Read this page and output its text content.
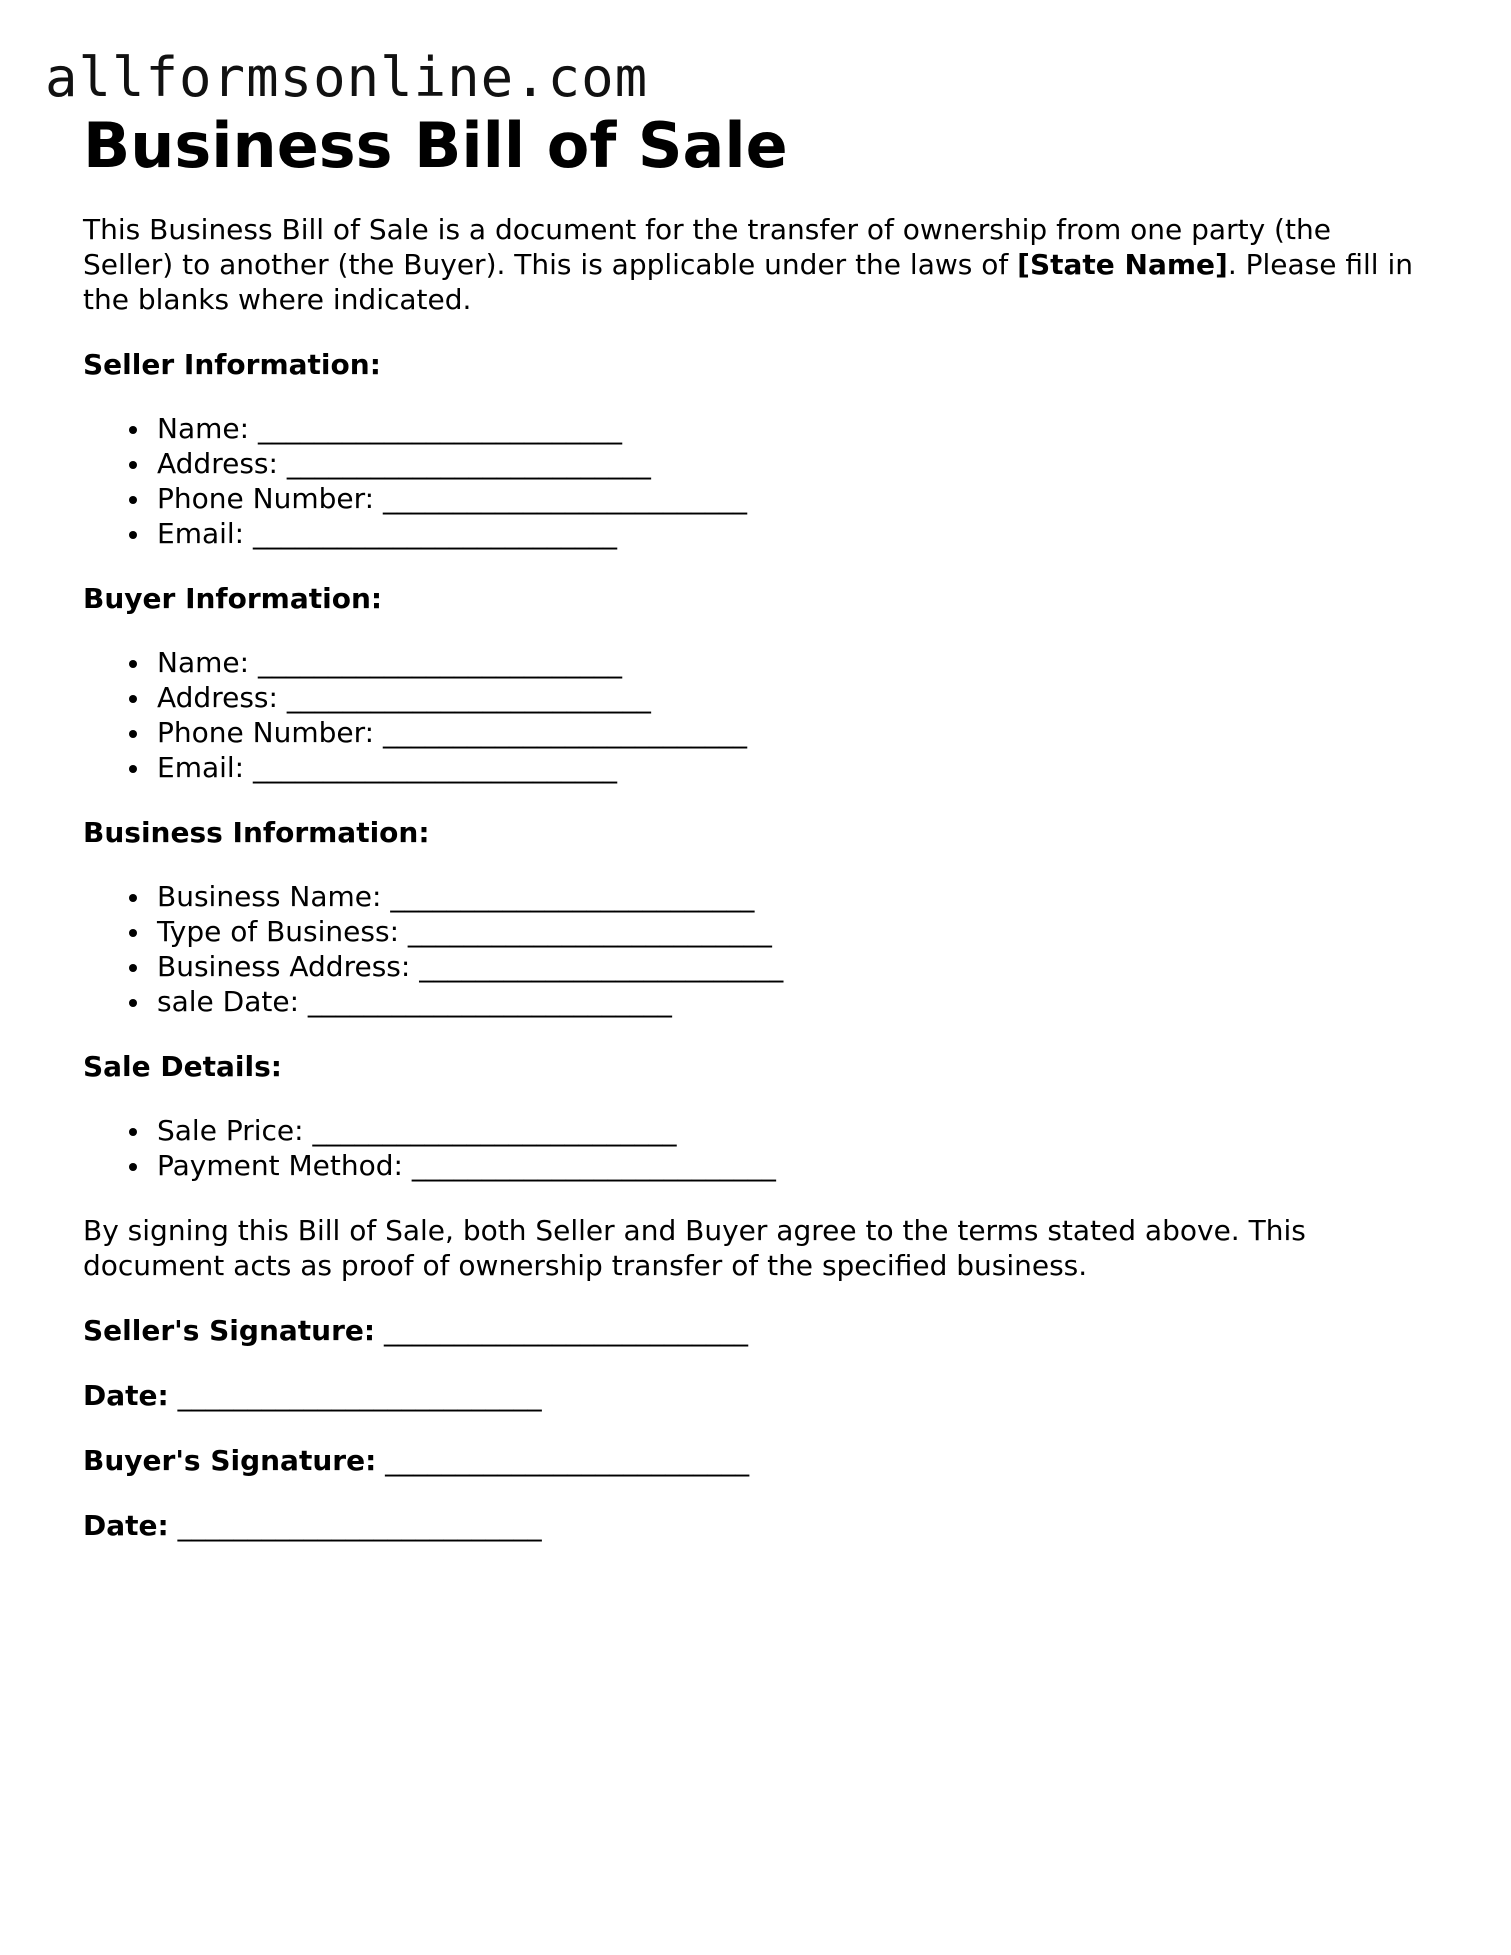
allformsonline.com
Business Bill of Sale

This Business Bill of Sale is a document for the transfer of ownership from one party (the Seller) to another (the Buyer). This is applicable under the laws of [State Name]. Please fill in the blanks where indicated.

Seller Information:
Name: __________________________
Address: __________________________
Phone Number: __________________________
Email: __________________________
Buyer Information:
Name: __________________________
Address: __________________________
Phone Number: __________________________
Email: __________________________
Business Information:
Business Name: __________________________
Type of Business: __________________________
Business Address: __________________________
sale Date: __________________________
Sale Details:
Sale Price: __________________________
Payment Method: __________________________

By signing this Bill of Sale, both Seller and Buyer agree to the terms stated above. This document acts as proof of ownership transfer of the specified business.

Seller's Signature: __________________________
Date: __________________________
Buyer's Signature: __________________________
Date: __________________________
